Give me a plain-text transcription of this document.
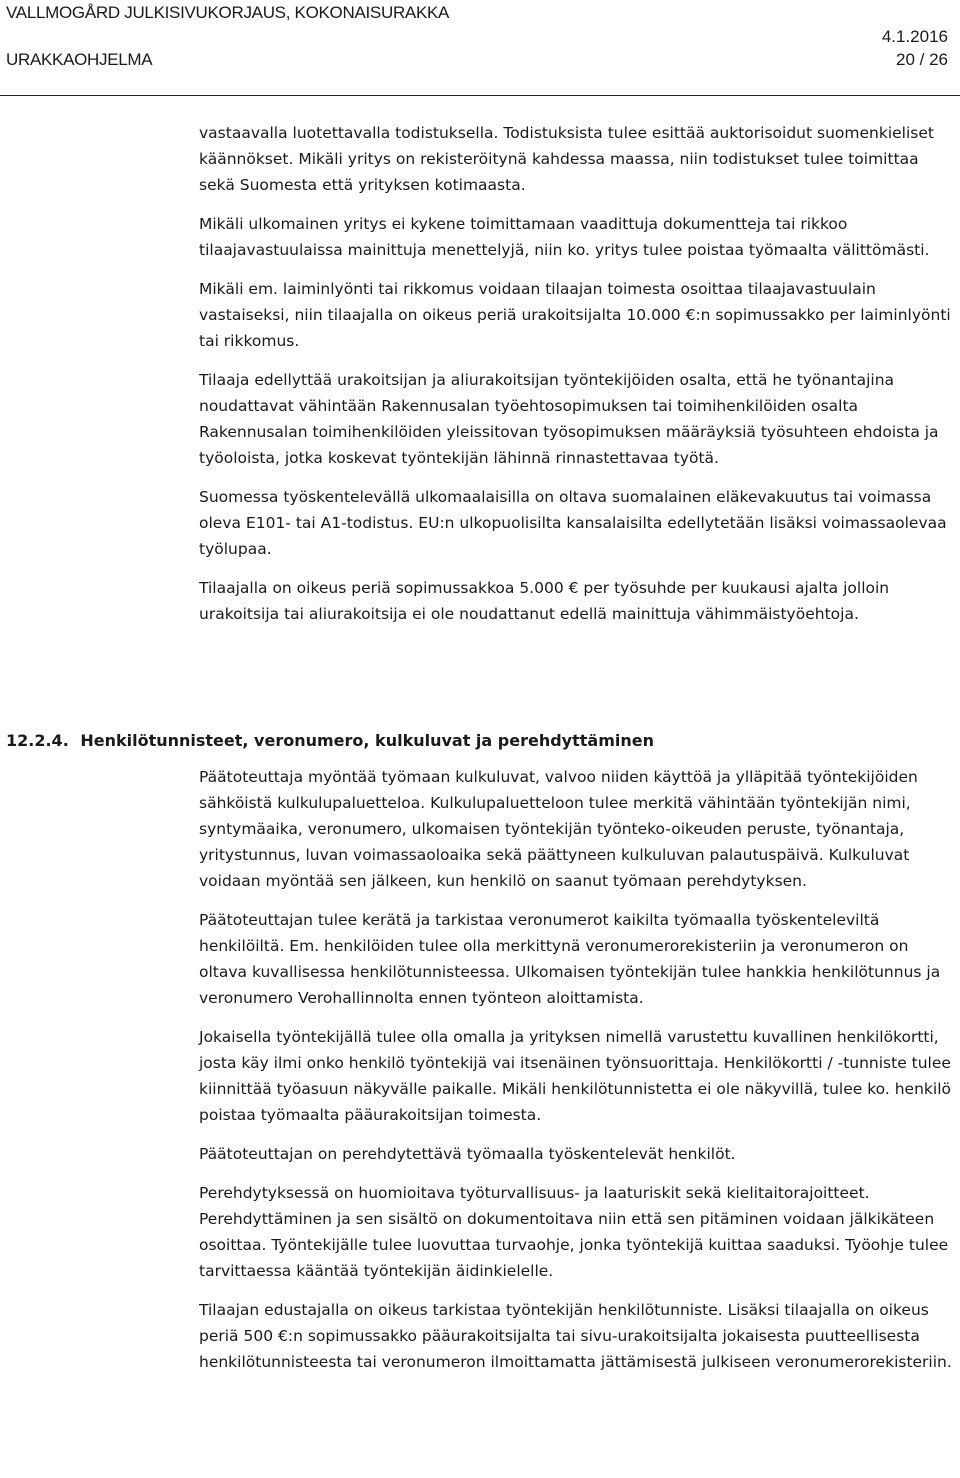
VALLMOGÅRD JULKISIVUKORJAUS, KOKONAISURAKKA
4.1.2016
URAKKAOHJELMA	20 / 26

vastaavalla luotettavalla todistuksella. Todistuksista tulee esittää auktorisoidut suomenkieliset käännökset. Mikäli yritys on rekisteröitynä kahdessa maassa, niin todistukset tulee toimittaa sekä Suomesta että yrityksen kotimaasta.

Mikäli ulkomainen yritys ei kykene toimittamaan vaadittuja dokumentteja tai rikkoo tilaajavastuulaissa mainittuja menettelyjä, niin ko. yritys tulee poistaa työmaalta välittömästi.

Mikäli em. laiminlyönti tai rikkomus voidaan tilaajan toimesta osoittaa tilaajavastuulain vastaiseksi, niin tilaajalla on oikeus periä urakoitsijalta 10.000 €:n sopimussakko per laiminlyönti tai rikkomus.

Tilaaja edellyttää urakoitsijan ja aliurakoitsijan työntekijöiden osalta, että he työnantajina noudattavat vähintään Rakennusalan työehtosopimuksen tai toimihenkilöiden osalta Rakennusalan toimihenkilöiden yleissitovan työsopimuksen määräyksiä työsuhteen ehdoista ja työoloista, jotka koskevat työntekijän lähinnä rinnastettavaa työtä.

Suomessa työskentelevällä ulkomaalaisilla on oltava suomalainen eläkevakuutus tai voimassa oleva E101- tai A1-todistus. EU:n ulkopuolisilta kansalaisilta edellytetään lisäksi voimassaolevaa työlupaa.

Tilaajalla on oikeus periä sopimussakkoa 5.000 € per työsuhde per kuukausi ajalta jolloin urakoitsija tai aliurakoitsija ei ole noudattanut edellä mainittuja vähimmäistyöehtoja.

12.2.4. Henkilötunnisteet, veronumero, kulkuluvat ja perehdyttäminen

Päätoteuttaja myöntää työmaan kulkuluvat, valvoo niiden käyttöä ja ylläpitää työntekijöiden sähköistä kulkulupaluetteloa. Kulkulupaluetteloon tulee merkitä vähintään työntekijän nimi, syntymäaika, veronumero, ulkomaisen työntekijän työnteko-oikeuden peruste, työnantaja, yritystunnus, luvan voimassaoloaika sekä päättyneen kulkuluvan palautuspäivä. Kulkuluvat voidaan myöntää sen jälkeen, kun henkilö on saanut työmaan perehdytyksen.

Päätoteuttajan tulee kerätä ja tarkistaa veronumerot kaikilta työmaalla työskenteleviltä henkilöiltä. Em. henkilöiden tulee olla merkittynä veronumerorekisteriin ja veronumeron on oltava kuvallisessa henkilötunnisteessa. Ulkomaisen työntekijän tulee hankkia henkilötunnus ja veronumero Verohallinnolta ennen työnteon aloittamista.

Jokaisella työntekijällä tulee olla omalla ja yrityksen nimellä varustettu kuvallinen henkilökortti, josta käy ilmi onko henkilö työntekijä vai itsenäinen työnsuorittaja. Henkilökortti / -tunniste tulee kiinnittää työasuun näkyvälle paikalle. Mikäli henkilötunnistetta ei ole näkyvillä, tulee ko. henkilö poistaa työmaalta pääurakoitsijan toimesta.

Päätoteuttajan on perehdytettävä työmaalla työskentelevät henkilöt.

Perehdytyksessä on huomioitava työturvallisuus- ja laaturiskit sekä kielitaitorajoitteet. Perehdyttäminen ja sen sisältö on dokumentoitava niin että sen pitäminen voidaan jälkikäteen osoittaa. Työntekijälle tulee luovuttaa turvaohje, jonka työntekijä kuittaa saaduksi. Työohje tulee tarvittaessa kääntää työntekijän äidinkielelle.

Tilaajan edustajalla on oikeus tarkistaa työntekijän henkilötunniste. Lisäksi tilaajalla on oikeus periä 500 €:n sopimussakko pääurakoitsijalta tai sivu-urakoitsijalta jokaisesta puutteellisesta henkilötunnisteesta tai veronumeron ilmoittamatta jättämisestä julkiseen veronumerorekisteriin.
